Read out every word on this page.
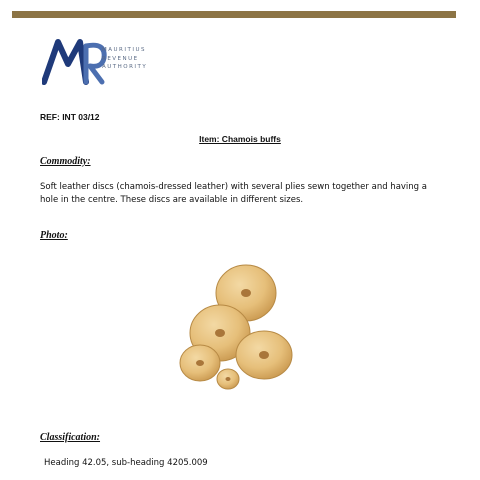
MAURITIUS
REVENUE
AUTHORITY
REF: INT 03/12
Item: Chamois buffs
Commodity:
Soft leather discs (chamois-dressed leather) with several plies sewn together and having a hole in the centre. These discs are available in different sizes.
Photo:
Classification:
Heading 42.05, sub-heading 4205.009
